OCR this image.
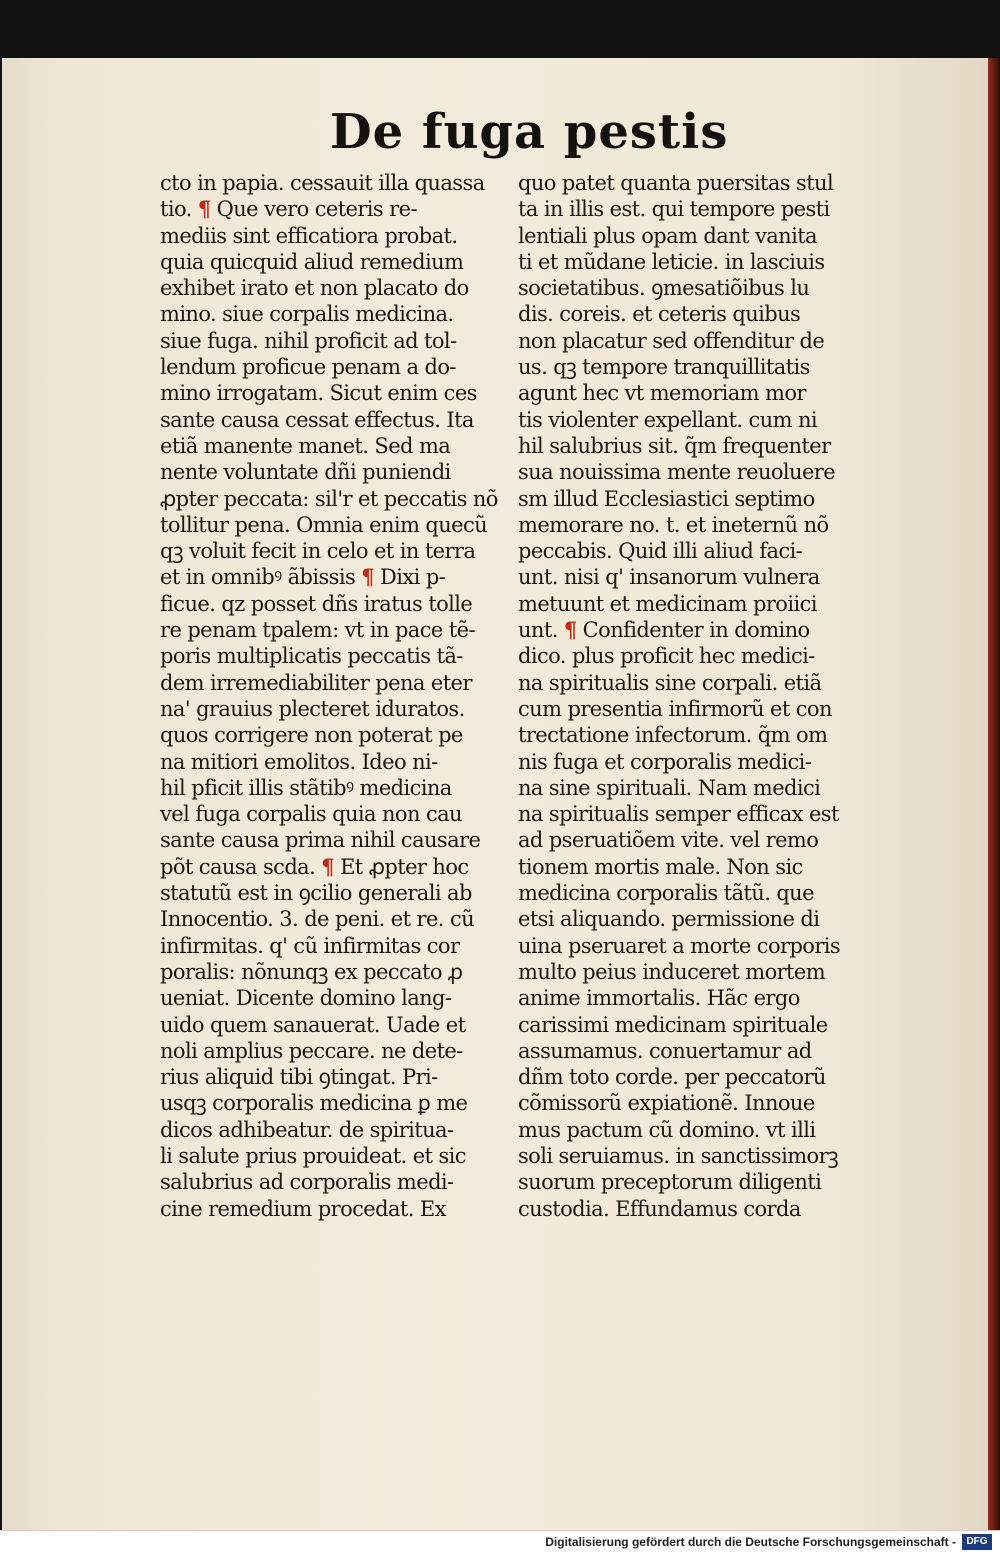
De fuga pestis
cto in papia. cessauit illa quassa
tio. ¶ Que vero ceteris re-
mediis sint efficatiora probat.
quia quicquid aliud remedium
exhibet irato et non placato do
mino. siue corpalis medicina.
siue fuga. nihil proficit ad tol-
lendum proficue penam a do-
mino irrogatam. Sicut enim ces
sante causa cessat effectus. Ita
etiã manente manet. Sed ma
nente voluntate dñi puniendi
ꝓpter peccata: sil'r et peccatis nõ
tollitur pena. Omnia enim quecũ
qꝫ voluit fecit in celo et in terra
et in omnibꝰ ãbissis ¶ Dixi p-
ficue. qz posset dñs iratus tolle
re penam tpalem: vt in pace tẽ-
poris multiplicatis peccatis tã-
dem irremediabiliter pena eter
na' grauius plecteret iduratos.
quos corrigere non poterat pe
na mitiori emolitos. Ideo ni-
hil pficit illis stãtibꝰ medicina
vel fuga corpalis quia non cau
sante causa prima nihil causare
põt causa scda. ¶ Et ꝓpter hoc
statutũ est in ꝯcilio generali ab
Innocentio. 3. de peni. et re. cũ
infirmitas. q' cũ infirmitas cor
poralis: nõnunqꝫ ex peccato ꝓ
ueniat. Dicente domino lang-
uido quem sanauerat. Uade et
noli amplius peccare. ne dete-
rius aliquid tibi ꝯtingat. Pri-
usqꝫ corporalis medicina ꝑ me
dicos adhibeatur. de spiritua-
li salute prius prouideat. et sic
salubrius ad corporalis medi-
cine remedium procedat. Ex
quo patet quanta puersitas stul
ta in illis est. qui tempore pesti
lentiali plus opam dant vanita
ti et mũdane leticie. in lasciuis
societatibus. ꝯmesatiõibus lu
dis. coreis. et ceteris quibus
non placatur sed offenditur de
us. qꝫ tempore tranquillitatis
agunt hec vt memoriam mor
tis violenter expellant. cum ni
hil salubrius sit. q̃m frequenter
sua nouissima mente reuoluere
sm illud Ecclesiastici septimo
memorare no. t. et ineternũ nõ
peccabis. Quid illi aliud faci-
unt. nisi q' insanorum vulnera
metuunt et medicinam proiici
unt. ¶ Confidenter in domino
dico. plus proficit hec medici-
na spiritualis sine corpali. etiã
cum presentia infirmorũ et con
trectatione infectorum. q̃m om
nis fuga et corporalis medici-
na sine spirituali. Nam medici
na spiritualis semper efficax est
ad pseruatiõem vite. vel remo
tionem mortis male. Non sic
medicina corporalis tãtũ. que
etsi aliquando. permissione di
uina pseruaret a morte corporis
multo peius induceret mortem
anime immortalis. Hãc ergo
carissimi medicinam spirituale
assumamus. conuertamur ad
dñm toto corde. per peccatorũ
cõmissorũ expiationẽ. Innoue
mus pactum cũ domino. vt illi
soli seruiamus. in sanctissimorꝫ
suorum preceptorum diligenti
custodia. Effundamus corda
Digitalisierung gefördert durch die Deutsche Forschungsgemeinschaft -	DFG
